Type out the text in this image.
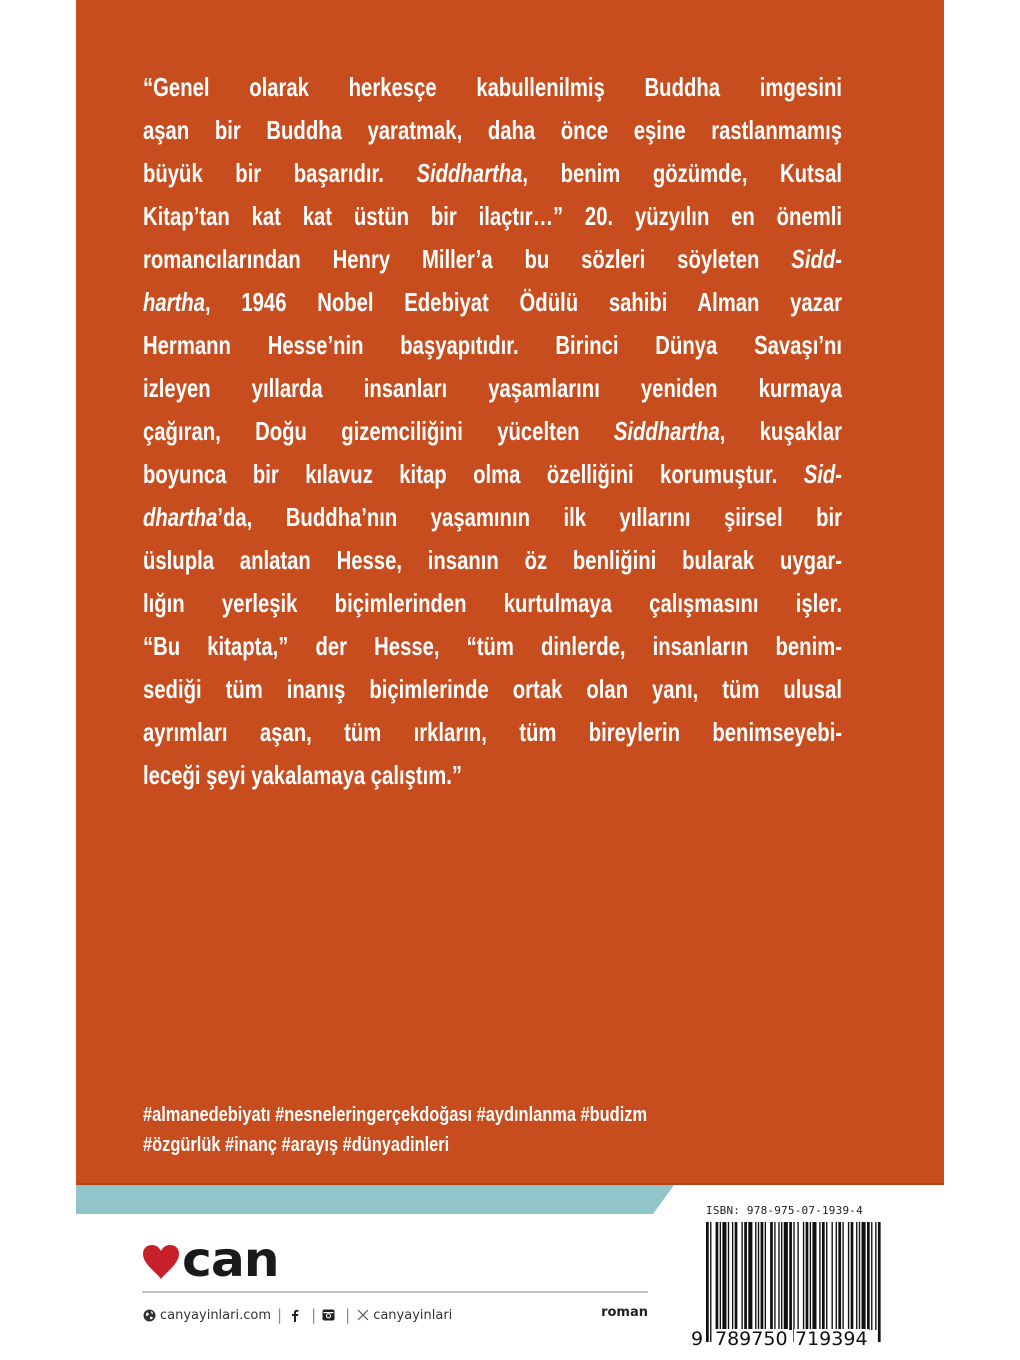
“Genel olarak herkesçe kabullenilmiş Buddha imgesini
aşan bir Buddha yaratmak, daha önce eşine rastlanmamış
büyük bir başarıdır. Siddhartha, benim gözümde, Kutsal
Kitap’tan kat kat üstün bir ilaçtır…” 20. yüzyılın en önemli
romancılarından Henry Miller’a bu sözleri söyleten Sidd-
hartha, 1946 Nobel Edebiyat Ödülü sahibi Alman yazar
Hermann Hesse’nin başyapıtıdır. Birinci Dünya Savaşı’nı
izleyen yıllarda insanları yaşamlarını yeniden kurmaya
çağıran, Doğu gizemciliğini yücelten Siddhartha, kuşaklar
boyunca bir kılavuz kitap olma özelliğini korumuştur. Sid-
dhartha’da, Buddha’nın yaşamının ilk yıllarını şiirsel bir
üslupla anlatan Hesse, insanın öz benliğini bularak uygar-
lığın yerleşik biçimlerinden kurtulmaya çalışmasını işler.
“Bu kitapta,” der Hesse, “tüm dinlerde, insanların benim-
sediği tüm inanış biçimlerinde ortak olan yanı, tüm ulusal
ayrımları aşan, tüm ırkların, tüm bireylerin benimseyebi-
leceği şeyi yakalamaya çalıştım.”
#almanedebiyatı #nesneleringerçekdoğası #aydınlanma #budizm
#özgürlük #inanç #arayış #dünyadinleri
can
canyayinlari.com | | | canyayinlari	roman
ISBN: 978-975-07-1939-4
9 789750 719394
